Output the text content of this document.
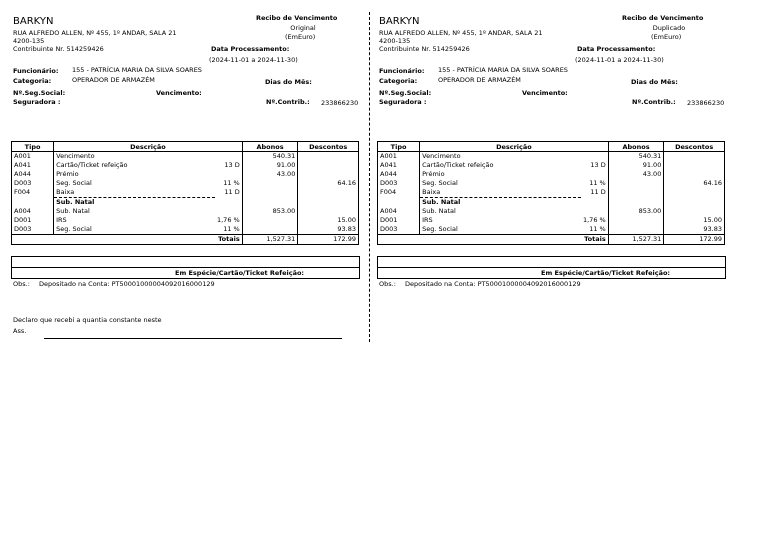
BARKYN
RUA ALFREDO ALLEN, Nº 455, 1º ANDAR, SALA 21
4200-135
Contribuinte Nr. 514259426
Recibo de Vencimento
Original
(EmEuro)
Data Processamento:
(2024-11-01 a 2024-11-30)
Funcionário: 155 - PATRÍCIA MARIA DA SILVA SOARES
Categoria:	OPERADOR DE ARMAZÉM	Dias do Mês:
Nº.Seg.Social:	Vencimento:
Seguradora :	Nº.Contrib.: 233866230
Tipo	Descrição		Abonos	Descontos
A001	Vencimento		540.31	
A041	Cartão/Ticket refeição	13 D	91.00	
A044	Prémio		43.00	
D003	Seg. Social	11 %		64.16
F004	Baixa	11 D		
	Sub. Natal			
A004	Sub. Natal		853.00	
D001	IRS	1,76 %		15.00
D003	Seg. Social	11 %		93.83
Totais			1,527.31	172.99
Em Espécie/Cartão/Ticket Refeição:
Obs.: Depositado na Conta: PT50001000004092016000129
BARKYN
RUA ALFREDO ALLEN, Nº 455, 1º ANDAR, SALA 21
4200-135
Contribuinte Nr. 514259426
Recibo de Vencimento
Duplicado
(EmEuro)
Data Processamento:
(2024-11-01 a 2024-11-30)
Funcionário: 155 - PATRÍCIA MARIA DA SILVA SOARES
Categoria:	OPERADOR DE ARMAZÉM	Dias do Mês:
Nº.Seg.Social:	Vencimento:
Seguradora :	Nº.Contrib.: 233866230
Tipo	Descrição		Abonos	Descontos
A001	Vencimento		540.31	
A041	Cartão/Ticket refeição	13 D	91.00	
A044	Prémio		43.00	
D003	Seg. Social	11 %		64.16
F004	Baixa	11 D		
	Sub. Natal			
A004	Sub. Natal		853.00	
D001	IRS	1,76 %		15.00
D003	Seg. Social	11 %		93.83
Totais			1,527.31	172.99
Em Espécie/Cartão/Ticket Refeição:
Obs.: Depositado na Conta: PT50001000004092016000129
Declaro que recebi a quantia constante neste
Ass.
